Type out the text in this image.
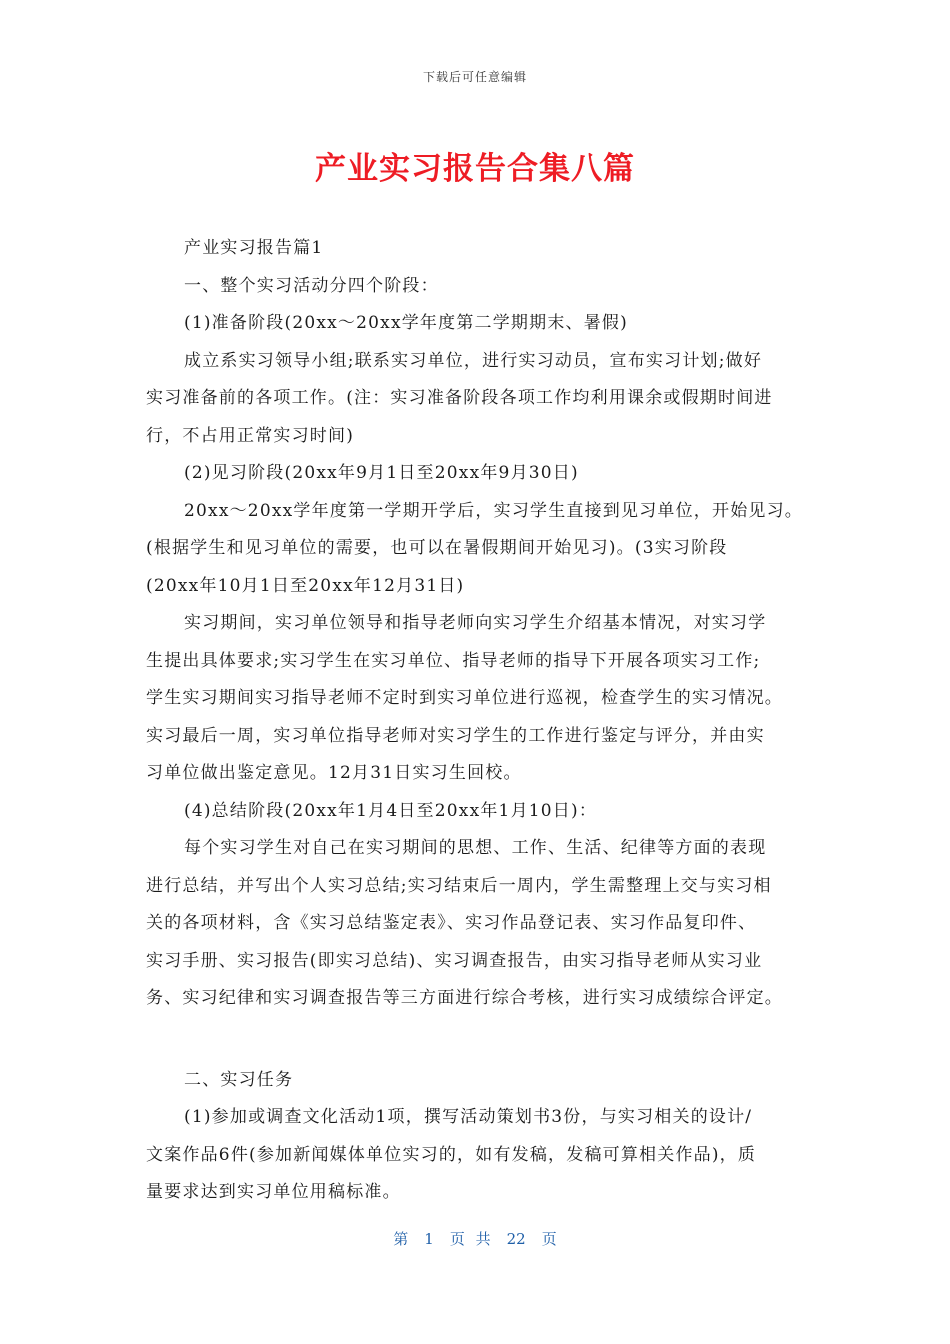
下载后可任意编辑
产业实习报告合集八篇
产业实习报告篇1
一、整个实习活动分四个阶段：
(1)准备阶段(20xx～20xx学年度第二学期期末、暑假)
成立系实习领导小组;联系实习单位，进行实习动员，宣布实习计划;做好
实习准备前的各项工作。(注：实习准备阶段各项工作均利用课余或假期时间进
行，不占用正常实习时间)
(2)见习阶段(20xx年9月1日至20xx年9月30日)
20xx～20xx学年度第一学期开学后，实习学生直接到见习单位，开始见习。
(根据学生和见习单位的需要，也可以在暑假期间开始见习)。(3实习阶段
(20xx年10月1日至20xx年12月31日)
实习期间，实习单位领导和指导老师向实习学生介绍基本情况，对实习学
生提出具体要求;实习学生在实习单位、指导老师的指导下开展各项实习工作;
学生实习期间实习指导老师不定时到实习单位进行巡视，检查学生的实习情况。
实习最后一周，实习单位指导老师对实习学生的工作进行鉴定与评分，并由实
习单位做出鉴定意见。12月31日实习生回校。
(4)总结阶段(20xx年1月4日至20xx年1月10日)：
每个实习学生对自己在实习期间的思想、工作、生活、纪律等方面的表现
进行总结，并写出个人实习总结;实习结束后一周内，学生需整理上交与实习相
关的各项材料，含《实习总结鉴定表》、实习作品登记表、实习作品复印件、
实习手册、实习报告(即实习总结)、实习调查报告，由实习指导老师从实习业
务、实习纪律和实习调查报告等三方面进行综合考核，进行实习成绩综合评定。
二、实习任务
(1)参加或调查文化活动1项，撰写活动策划书3份，与实习相关的设计/
文案作品6件(参加新闻媒体单位实习的，如有发稿，发稿可算相关作品)，质
量要求达到实习单位用稿标准。
第 1 页 共 22 页
